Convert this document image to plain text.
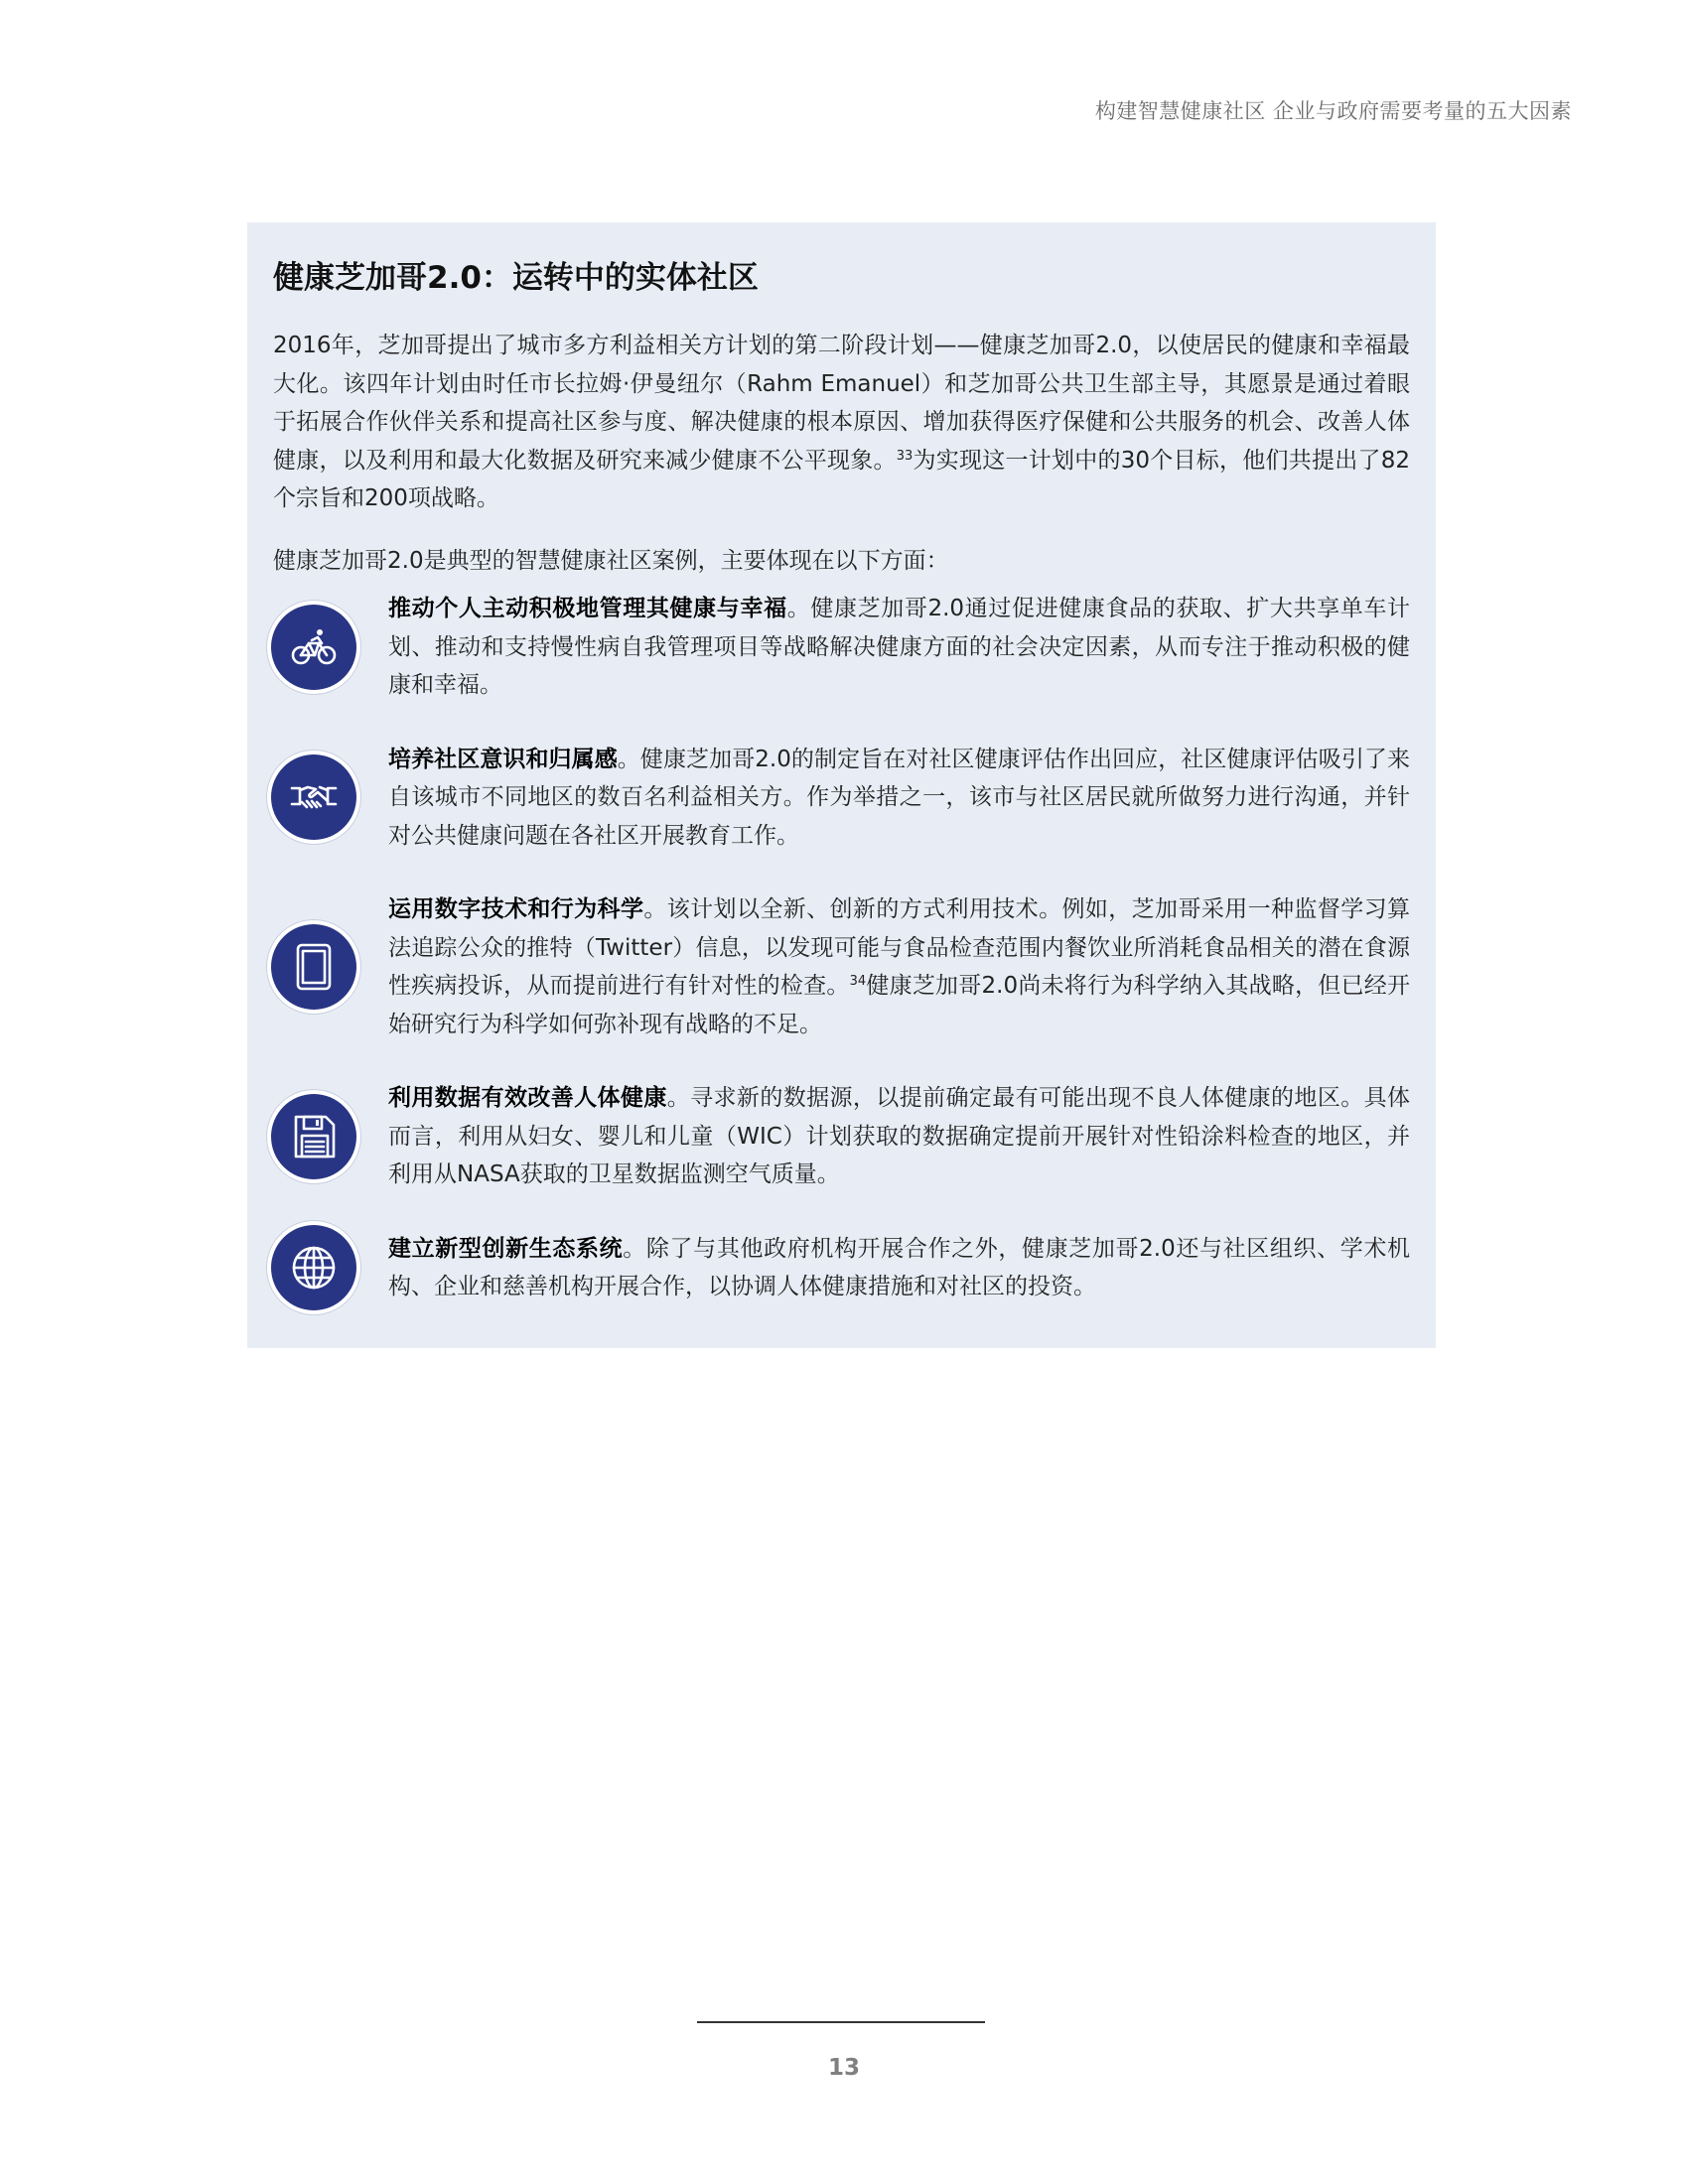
构建智慧健康社区 企业与政府需要考量的五大因素
健康芝加哥2.0：运转中的实体社区

2016年，芝加哥提出了城市多方利益相关方计划的第二阶段计划——健康芝加哥2.0，以使居民的健康和幸福最大化。该四年计划由时任市长拉姆·伊曼纽尔（Rahm Emanuel）和芝加哥公共卫生部主导，其愿景是通过着眼于拓展合作伙伴关系和提高社区参与度、解决健康的根本原因、增加获得医疗保健和公共服务的机会、改善人体健康，以及利用和最大化数据及研究来减少健康不公平现象。$^{33}$为实现这一计划中的30个目标，他们共提出了82个宗旨和200项战略。

健康芝加哥2.0是典型的智慧健康社区案例，主要体现在以下方面：

推动个人主动积极地管理其健康与幸福。健康芝加哥2.0通过促进健康食品的获取、扩大共享单车计划、推动和支持慢性病自我管理项目等战略解决健康方面的社会决定因素，从而专注于推动积极的健康和幸福。

培养社区意识和归属感。健康芝加哥2.0的制定旨在对社区健康评估作出回应，社区健康评估吸引了来自该城市不同地区的数百名利益相关方。作为举措之一，该市与社区居民就所做努力进行沟通，并针对公共健康问题在各社区开展教育工作。

运用数字技术和行为科学。该计划以全新、创新的方式利用技术。例如，芝加哥采用一种监督学习算法追踪公众的推特（Twitter）信息，以发现可能与食品检查范围内餐饮业所消耗食品相关的潜在食源性疾病投诉，从而提前进行有针对性的检查。$^{34}$健康芝加哥2.0尚未将行为科学纳入其战略，但已经开始研究行为科学如何弥补现有战略的不足。

利用数据有效改善人体健康。寻求新的数据源，以提前确定最有可能出现不良人体健康的地区。具体而言，利用从妇女、婴儿和儿童（WIC）计划获取的数据确定提前开展针对性铅涂料检查的地区，并利用从NASA获取的卫星数据监测空气质量。

建立新型创新生态系统。除了与其他政府机构开展合作之外，健康芝加哥2.0还与社区组织、学术机构、企业和慈善机构开展合作，以协调人体健康措施和对社区的投资。

13
